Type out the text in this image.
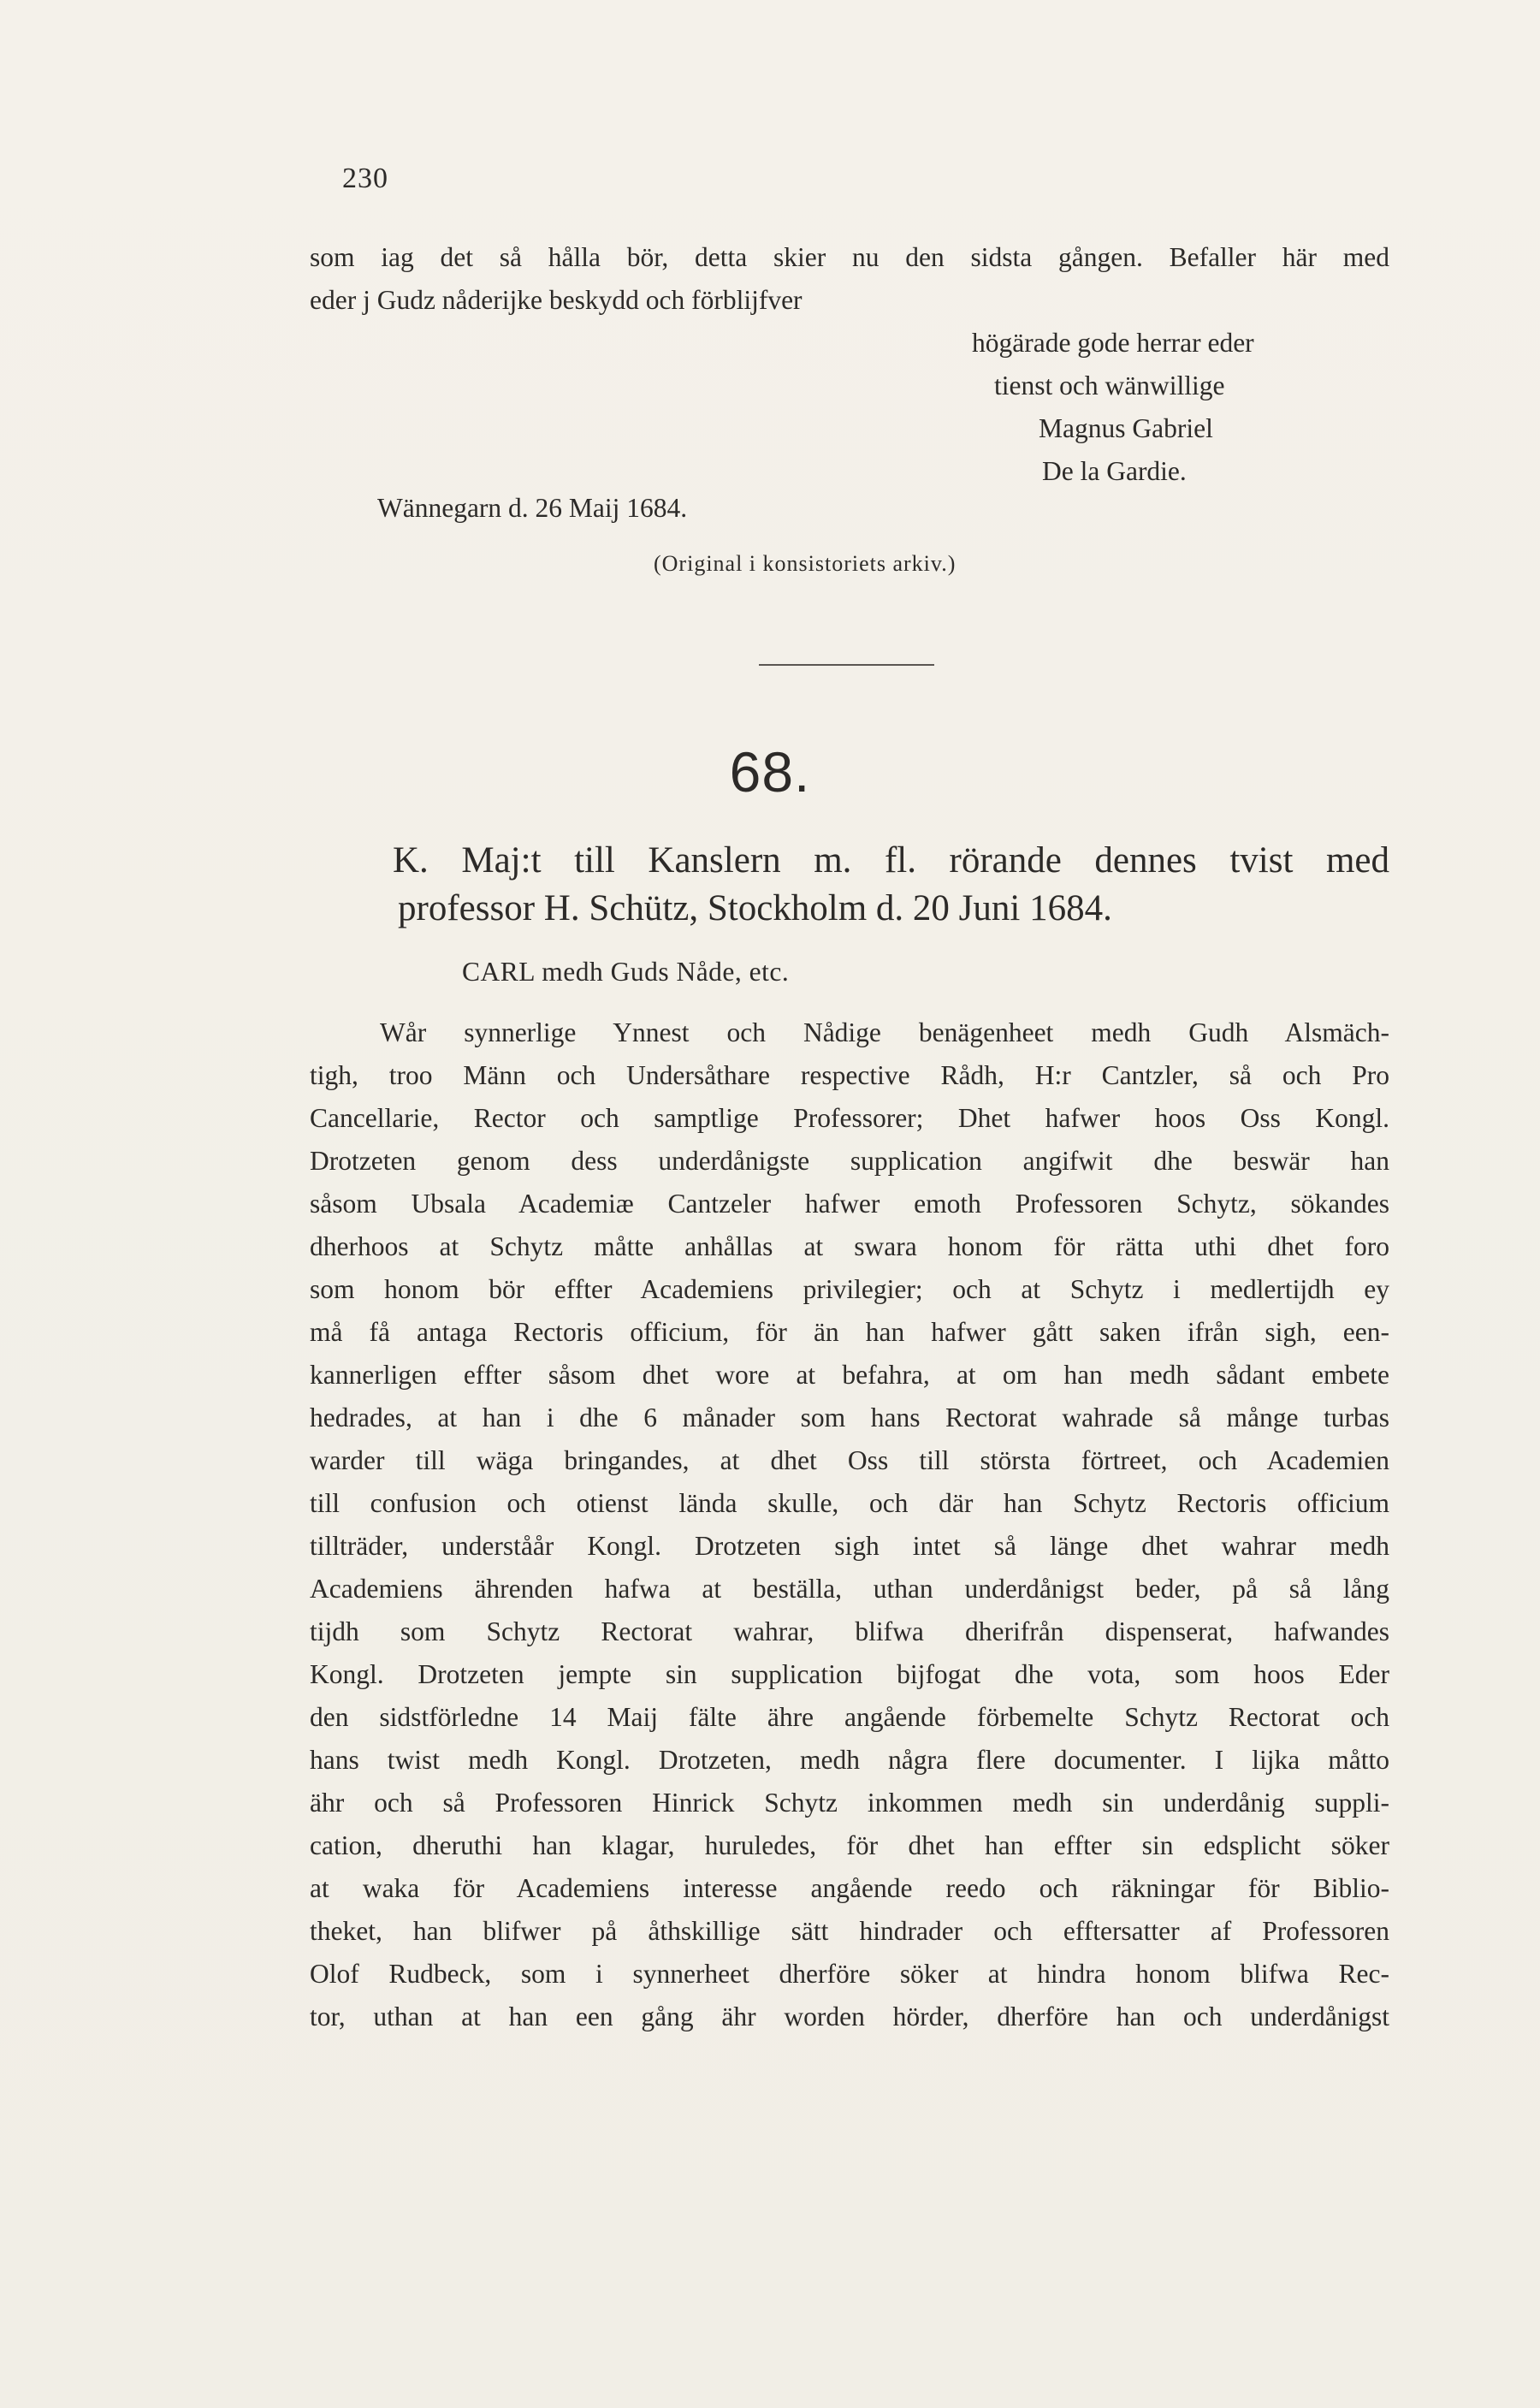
230
som iag det så hålla bör, detta skier nu den sidsta gången. Befaller här med
eder j Gudz nåderijke beskydd och förblijfver
högärade gode herrar eder
tienst och wänwillige
Magnus Gabriel
De la Gardie.
Wännegarn d. 26 Maij 1684.
(Original i konsistoriets arkiv.)
68.
K. Maj:t till Kanslern m. fl. rörande dennes tvist med
professor H. Schütz, Stockholm d. 20 Juni 1684.
CARL medh Guds Nåde, etc.
Wår synnerlige Ynnest och Nådige benägenheet medh Gudh Alsmäch-
tigh, troo Männ och Undersåthare respective Rådh, H:r Cantzler, så och Pro
Cancellarie, Rector och samptlige Professorer; Dhet hafwer hoos Oss Kongl.
Drotzeten genom dess underdånigste supplication angifwit dhe beswär han
såsom Ubsala Academiæ Cantzeler hafwer emoth Professoren Schytz, sökandes
dherhoos at Schytz måtte anhållas at swara honom för rätta uthi dhet foro
som honom bör effter Academiens privilegier; och at Schytz i medlertijdh ey
må få antaga Rectoris officium, för än han hafwer gått saken ifrån sigh, een-
kannerligen effter såsom dhet wore at befahra, at om han medh sådant embete
hedrades, at han i dhe 6 månader som hans Rectorat wahrade så månge turbas
warder till wäga bringandes, at dhet Oss till största förtreet, och Academien
till confusion och otienst lända skulle, och där han Schytz Rectoris officium
tillträder, underståår Kongl. Drotzeten sigh intet så länge dhet wahrar medh
Academiens ährenden hafwa at beställa, uthan underdånigst beder, på så lång
tijdh som Schytz Rectorat wahrar, blifwa dherifrån dispenserat, hafwandes
Kongl. Drotzeten jempte sin supplication bijfogat dhe vota, som hoos Eder
den sidstförledne 14 Maij fälte ähre angående förbemelte Schytz Rectorat och
hans twist medh Kongl. Drotzeten, medh några flere documenter. I lijka måtto
ähr och så Professoren Hinrick Schytz inkommen medh sin underdånig suppli-
cation, dheruthi han klagar, huruledes, för dhet han effter sin edsplicht söker
at waka för Academiens interesse angående reedo och räkningar för Biblio-
theket, han blifwer på åthskillige sätt hindrader och efftersatter af Professoren
Olof Rudbeck, som i synnerheet dherföre söker at hindra honom blifwa Rec-
tor, uthan at han een gång ähr worden hörder, dherföre han och underdånigst
